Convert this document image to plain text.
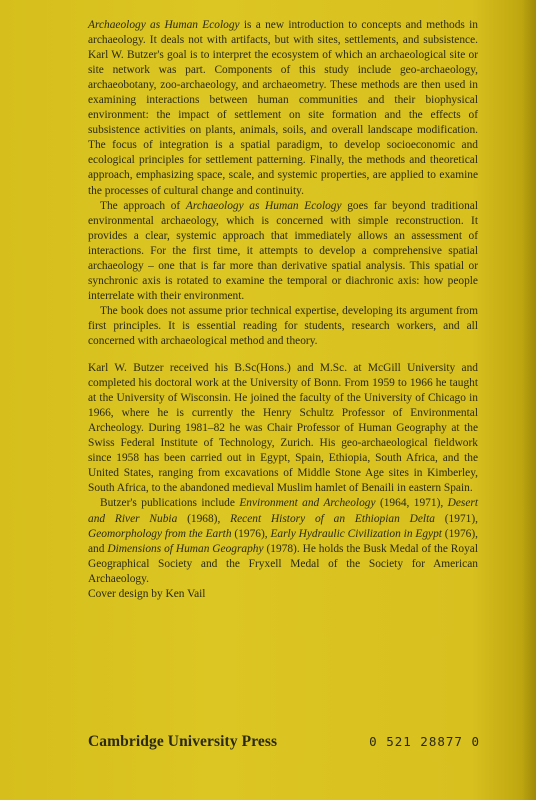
Archaeology as Human Ecology is a new introduction to concepts and methods in archaeology. It deals not with artifacts, but with sites, settlements, and subsistence. Karl W. Butzer's goal is to interpret the ecosystem of which an archaeological site or site network was part. Components of this study include geo-archaeology, archaeobotany, zoo-archaeology, and archaeometry. These methods are then used in examining interactions between human communities and their biophysical environment: the impact of settlement on site formation and the effects of subsistence activities on plants, animals, soils, and overall landscape modification. The focus of integration is a spatial paradigm, to develop socioeconomic and ecological principles for settlement patterning. Finally, the methods and theoretical approach, emphasizing space, scale, and systemic properties, are applied to examine the processes of cultural change and continuity.

The approach of Archaeology as Human Ecology goes far beyond traditional environmental archaeology, which is concerned with simple reconstruction. It provides a clear, systemic approach that immediately allows an assessment of interactions. For the first time, it attempts to develop a comprehensive spatial archaeology – one that is far more than derivative spatial analysis. This spatial or synchronic axis is rotated to examine the temporal or diachronic axis: how people interrelate with their environment.

The book does not assume prior technical expertise, developing its argument from first principles. It is essential reading for students, research workers, and all concerned with archaeological method and theory.

Karl W. Butzer received his B.Sc(Hons.) and M.Sc. at McGill University and completed his doctoral work at the University of Bonn. From 1959 to 1966 he taught at the University of Wisconsin. He joined the faculty of the University of Chicago in 1966, where he is currently the Henry Schultz Professor of Environmental Archeology. During 1981–82 he was Chair Professor of Human Geography at the Swiss Federal Institute of Technology, Zurich. His geo-archaeological fieldwork since 1958 has been carried out in Egypt, Spain, Ethiopia, South Africa, and the United States, ranging from excavations of Middle Stone Age sites in Kimberley, South Africa, to the abandoned medieval Muslim hamlet of Benaili in eastern Spain.

Butzer's publications include Environment and Archeology (1964, 1971), Desert and River Nubia (1968), Recent History of an Ethiopian Delta (1971), Geomorphology from the Earth (1976), Early Hydraulic Civilization in Egypt (1976), and Dimensions of Human Geography (1978). He holds the Busk Medal of the Royal Geographical Society and the Fryxell Medal of the Society for American Archaeology.

Cover design by Ken Vail

Cambridge University Press	0 521 28877 0
